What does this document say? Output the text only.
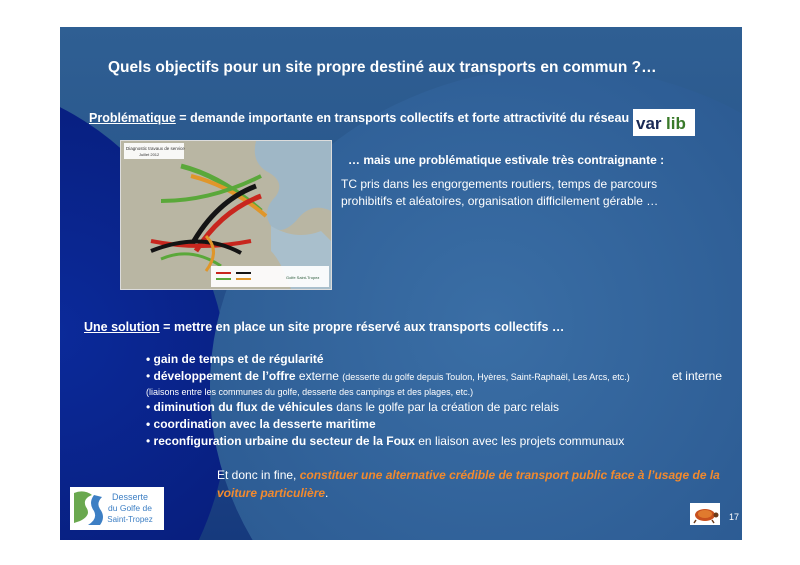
Quels objectifs pour un site propre destiné aux transports en commun ?…
Problématique = demande importante en transports collectifs et forte attractivité du réseau var lib
Diagnostic travaux de service
Juillet 2012
Golfe Saint-Tropez
… mais une problématique estivale très contraignante :
TC pris dans les engorgements routiers, temps de parcours prohibitifs et aléatoires, organisation difficilement gérable …
Une solution = mettre en place un site propre réservé aux transports collectifs …
• gain de temps et de régularité
• développement de l’offre externe (desserte du golfe depuis Toulon, Hyères, Saint-Raphaël, Les Arcs, etc.)	et interne
(liaisons entre les communes du golfe, desserte des campings et des plages, etc.)
• diminution du flux de véhicules dans le golfe par la création de parc relais
• coordination avec la desserte maritime
• reconfiguration urbaine du secteur de la Foux en liaison avec les projets communaux
Et donc in fine, constituer une alternative crédible de transport public face à l’usage de la voiture particulière.
Desserte
du Golfe de
Saint-Tropez	17
